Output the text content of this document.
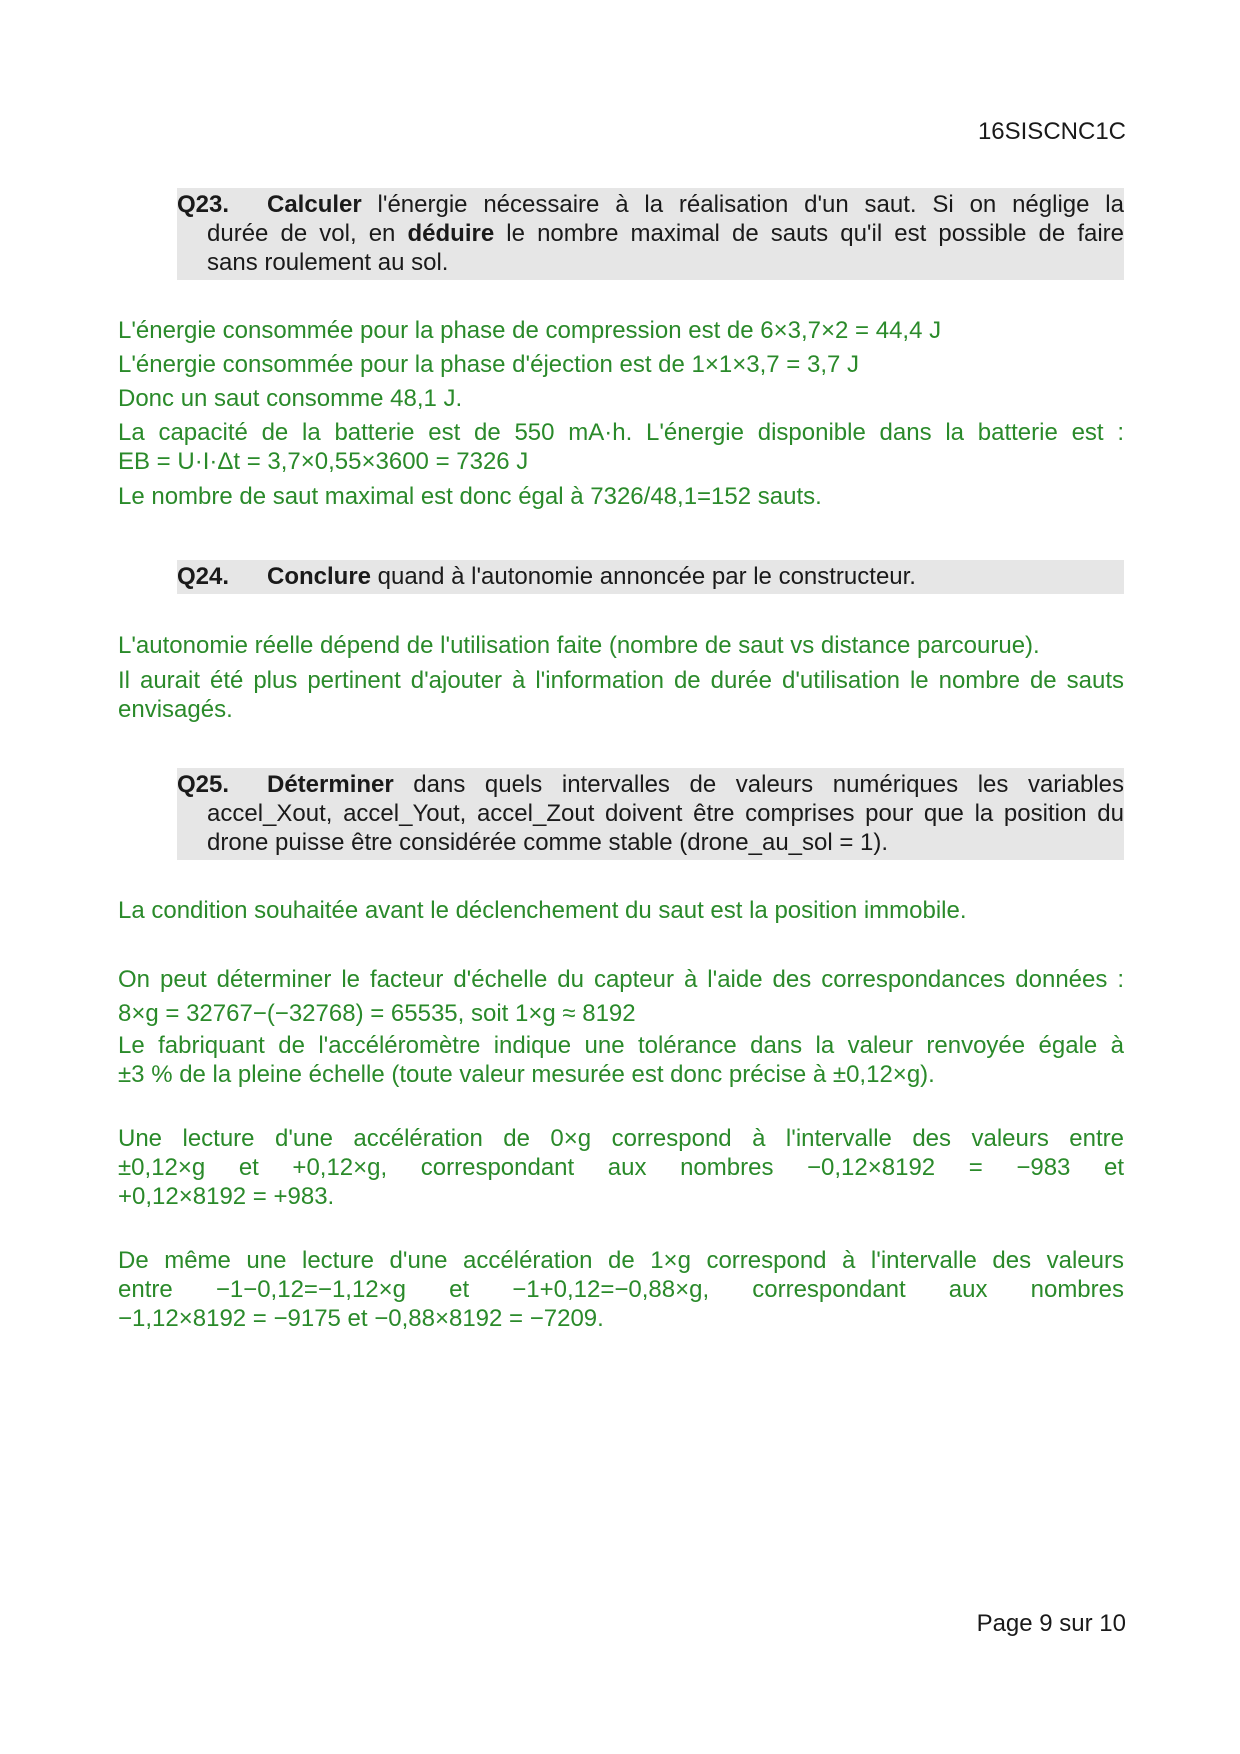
16SISCNC1C
Q23. Calculer l'énergie nécessaire à la réalisation d'un saut. Si on néglige la
durée de vol, en déduire le nombre maximal de sauts qu'il est possible de faire
sans roulement au sol.
L'énergie consommée pour la phase de compression est de 6×3,7×2 = 44,4 J
L'énergie consommée pour la phase d'éjection est de 1×1×3,7 = 3,7 J
Donc un saut consomme 48,1 J.
La capacité de la batterie est de 550 mA·h. L'énergie disponible dans la batterie est :
EB = U·I·Δt = 3,7×0,55×3600 = 7326 J
Le nombre de saut maximal est donc égal à 7326/48,1=152 sauts.
Q24. Conclure quand à l'autonomie annoncée par le constructeur.
L'autonomie réelle dépend de l'utilisation faite (nombre de saut vs distance parcourue).
Il aurait été plus pertinent d'ajouter à l'information de durée d'utilisation le nombre de sauts
envisagés.
Q25. Déterminer dans quels intervalles de valeurs numériques les variables
accel_Xout, accel_Yout, accel_Zout doivent être comprises pour que la position du
drone puisse être considérée comme stable (drone_au_sol = 1).
La condition souhaitée avant le déclenchement du saut est la position immobile.
On peut déterminer le facteur d'échelle du capteur à l'aide des correspondances données :
8×g = 32767−(−32768) = 65535, soit 1×g ≈ 8192
Le fabriquant de l'accéléromètre indique une tolérance dans la valeur renvoyée égale à
±3 % de la pleine échelle (toute valeur mesurée est donc précise à ±0,12×g).
Une lecture d'une accélération de 0×g correspond à l'intervalle des valeurs entre
±0,12×g et +0,12×g, correspondant aux nombres −0,12×8192 = −983 et
+0,12×8192 = +983.
De même une lecture d'une accélération de 1×g correspond à l'intervalle des valeurs
entre −1−0,12=−1,12×g et −1+0,12=−0,88×g, correspondant aux nombres
−1,12×8192 = −9175 et −0,88×8192 = −7209.
Page 9 sur 10
